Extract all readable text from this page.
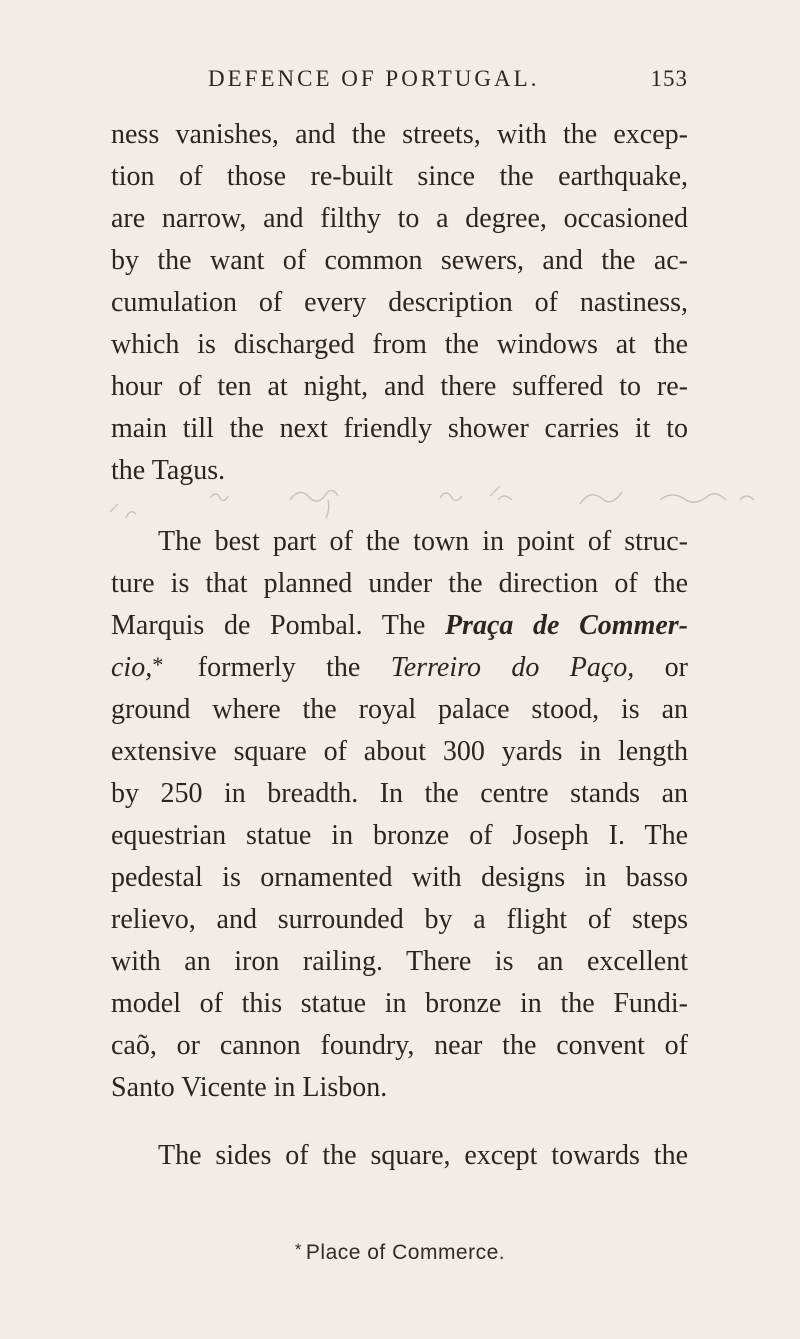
DEFENCE OF PORTUGAL.	153
ness vanishes, and the streets, with the excep-
tion of those re-built since the earthquake,
are narrow, and filthy to a degree, occasioned
by the want of common sewers, and the ac-
cumulation of every description of nastiness,
which is discharged from the windows at the
hour of ten at night, and there suffered to re-
main till the next friendly shower carries it to
the Tagus.
The best part of the town in point of struc-
ture is that planned under the direction of the
Marquis de Pombal. The Praça de Commer-
cio,* formerly the Terreiro do Paço, or
ground where the royal palace stood, is an
extensive square of about 300 yards in length
by 250 in breadth. In the centre stands an
equestrian statue in bronze of Joseph I. The
pedestal is ornamented with designs in basso
relievo, and surrounded by a flight of steps
with an iron railing. There is an excellent
model of this statue in bronze in the Fundi-
caõ, or cannon foundry, near the convent of
Santo Vicente in Lisbon.
The sides of the square, except towards the
* Place of Commerce.
